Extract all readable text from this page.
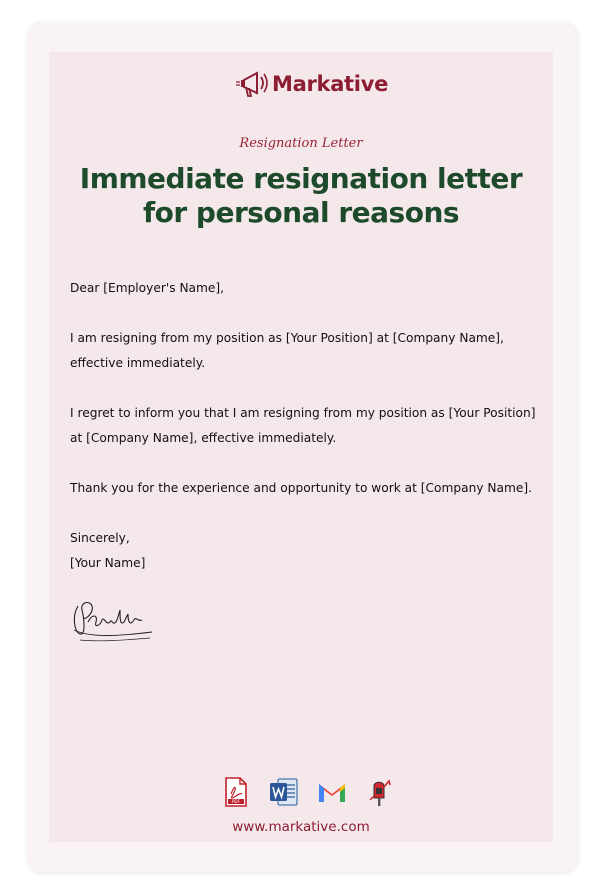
Markative
Resignation Letter
Immediate resignation letter
for personal reasons

Dear [Employer's Name],

I am resigning from my position as [Your Position] at [Company Name], effective immediately.

I regret to inform you that I am resigning from my position as [Your Position] at [Company Name], effective immediately.

Thank you for the experience and opportunity to work at [Company Name].

Sincerely,
[Your Name]
PDF
www.markative.com
